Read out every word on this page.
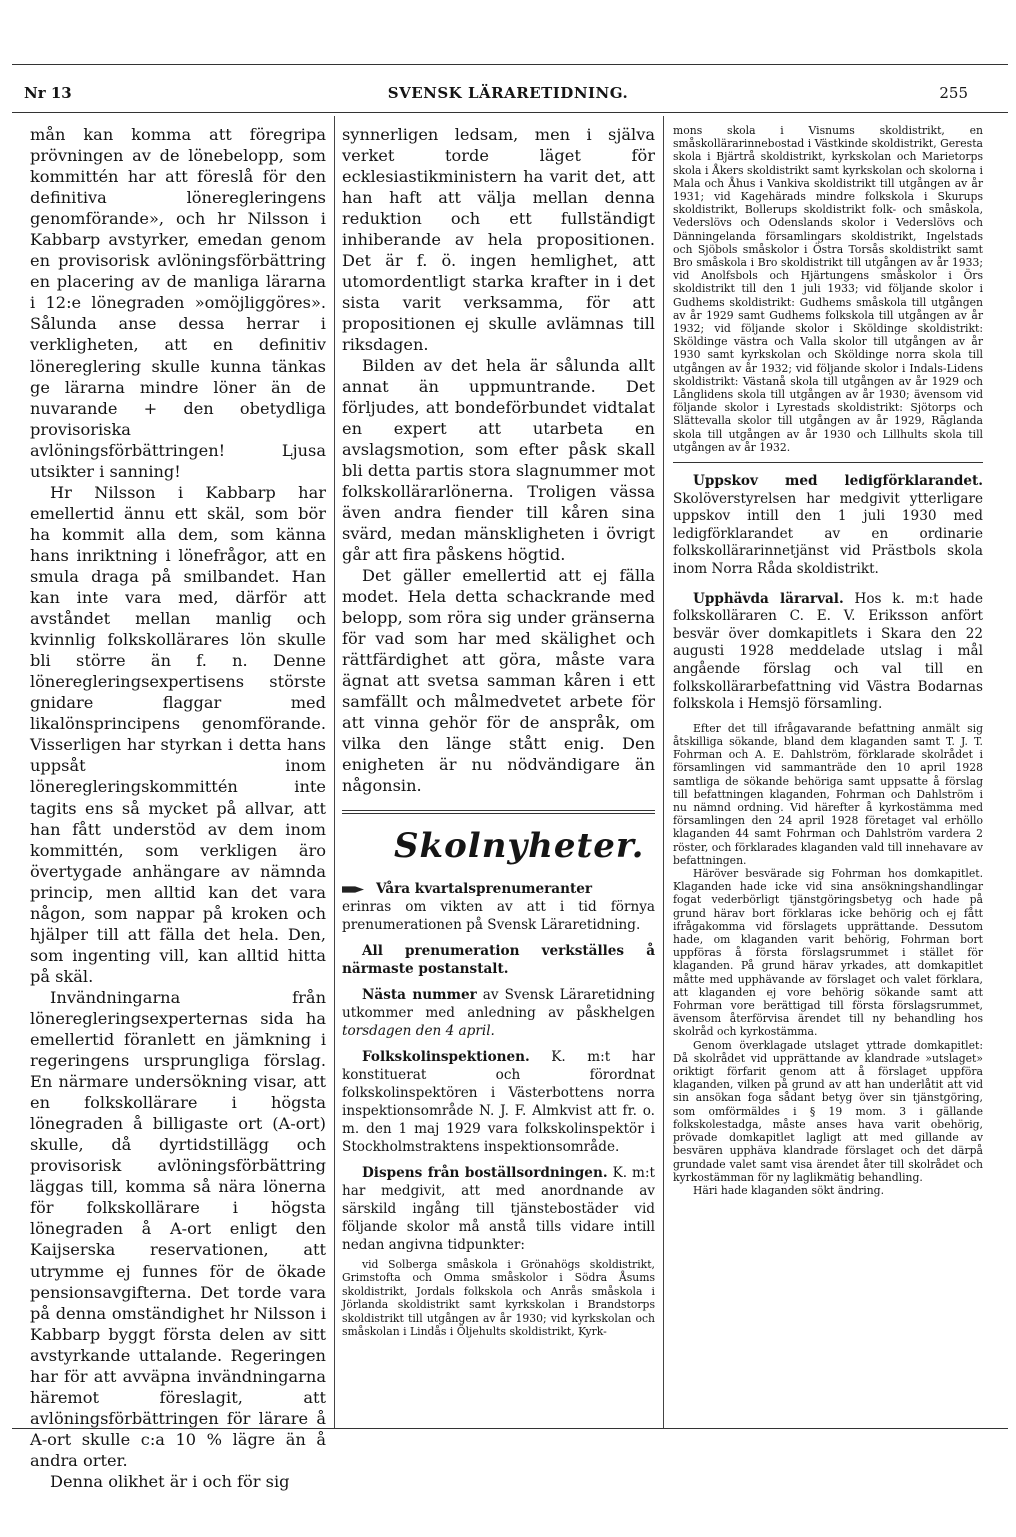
Nr 13	SVENSK LÄRARETIDNING.	255

mån kan komma att föregripa prövningen av de lönebelopp, som kommittén har att föreslå för den definitiva löneregleringens genomförande», och hr Nilsson i Kabbarp avstyrker, emedan genom en provisorisk avlöningsförbättring en placering av de manliga lärarna i 12:e lönegraden »omöjliggöres». Sålunda anse dessa herrar i verkligheten, att en definitiv lönereglering skulle kunna tänkas ge lärarna mindre löner än de nuvarande + den obetydliga provisoriska avlöningsförbättringen! Ljusa utsikter i sanning!

Hr Nilsson i Kabbarp har emellertid ännu ett skäl, som bör ha kommit alla dem, som känna hans inriktning i lönefrågor, att en smula draga på smilbandet. Han kan inte vara med, därför att avståndet mellan manlig och kvinnlig folkskollärares lön skulle bli större än f. n. Denne löneregleringsexpertisens störste gnidare flaggar med likalönsprincipens genomförande. Visserligen har styrkan i detta hans uppsåt inom löneregleringskommittén inte tagits ens så mycket på allvar, att han fått understöd av dem inom kommittén, som verkligen äro övertygade anhängare av nämnda princip, men alltid kan det vara någon, som nappar på kroken och hjälper till att fälla det hela. Den, som ingenting vill, kan alltid hitta på skäl.

Invändningarna från löneregleringsexperternas sida ha emellertid föranlett en jämkning i regeringens ursprungliga förslag. En närmare undersökning visar, att en folkskollärare i högsta lönegraden å billigaste ort (A-ort) skulle, då dyrtidstillägg och provisorisk avlöningsförbättring läggas till, komma så nära lönerna för folkskollärare i högsta lönegraden å A-ort enligt den Kaijserska reservationen, att utrymme ej funnes för de ökade pensionsavgifterna. Det torde vara på denna omständighet hr Nilsson i Kabbarp byggt första delen av sitt avstyrkande uttalande. Regeringen har för att avväpna invändningarna häremot föreslagit, att avlöningsförbättringen för lärare å A-ort skulle c:a 10 % lägre än å andra orter.

Denna olikhet är i och för sig

synnerligen ledsam, men i själva verket torde läget för ecklesiastikministern ha varit det, att han haft att välja mellan denna reduktion och ett fullständigt inhiberande av hela propositionen. Det är f. ö. ingen hemlighet, att utomordentligt starka krafter in i det sista varit verksamma, för att propositionen ej skulle avlämnas till riksdagen.

Bilden av det hela är sålunda allt annat än uppmuntrande. Det förljudes, att bondeförbundet vidtalat en expert att utarbeta en avslagsmotion, som efter påsk skall bli detta partis stora slagnummer mot folkskollärarlönerna. Troligen vässa även andra fiender till kåren sina svärd, medan mänskligheten i övrigt går att fira påskens högtid.

Det gäller emellertid att ej fälla modet. Hela detta schackrande med belopp, som röra sig under gränserna för vad som har med skälighet och rättfärdighet att göra, måste vara ägnat att svetsa samman kåren i ett samfällt och målmedvetet arbete för att vinna gehör för de anspråk, om vilka den länge stått enig. Den enigheten är nu nödvändigare än någonsin.

Skolnyheter.

Våra kvartalsprenumeranter

erinras om vikten av att i tid förnya prenumerationen på Svensk Läraretidning.

All prenumeration verkställes å närmaste postanstalt.

Nästa nummer av Svensk Läraretidning utkommer med anledning av påskhelgen torsdagen den 4 april.

Folkskolinspektionen. K. m:t har konstituerat och förordnat folkskolinspektören i Västerbottens norra inspektionsområde N. J. F. Almkvist att fr. o. m. den 1 maj 1929 vara folkskolinspektör i Stockholmstraktens inspektionsområde.

Dispens från boställsordningen. K. m:t har medgivit, att med anordnande av särskild ingång till tjänstebostäder vid följande skolor må anstå tills vidare intill nedan angivna tidpunkter:

vid Solberga småskola i Grönahögs skoldistrikt, Grimstofta och Omma småskolor i Södra Åsums skoldistrikt, Jordals folkskola och Anrås småskola i Jörlanda skoldistrikt samt kyrkskolan i Brandstorps skoldistrikt till utgången av år 1930; vid kyrkskolan och småskolan i Lindås i Öljehults skoldistrikt, Kyrk-

mons skola i Visnums skoldistrikt, en småskollärarinnebostad i Västkinde skoldistrikt, Geresta skola i Bjärtrå skoldistrikt, kyrkskolan och Marietorps skola i Åkers skoldistrikt samt kyrkskolan och skolorna i Mala och Åhus i Vankiva skoldistrikt till utgången av år 1931; vid Kagehärads mindre folkskola i Skurups skoldistrikt, Bollerups skoldistrikt folk- och småskola, Vederslövs och Odenslands skolor i Vederslövs och Dänningelanda församlingars skoldistrikt, Ingelstads och Sjöbols småskolor i Östra Torsås skoldistrikt samt Bro småskola i Bro skoldistrikt till utgången av år 1933; vid Anolfsbols och Hjärtungens småskolor i Örs skoldistrikt till den 1 juli 1933; vid följande skolor i Gudhems skoldistrikt: Gudhems småskola till utgången av år 1929 samt Gudhems folkskola till utgången av år 1932; vid följande skolor i Sköldinge skoldistrikt: Sköldinge västra och Valla skolor till utgången av år 1930 samt kyrkskolan och Sköldinge norra skola till utgången av år 1932; vid följande skolor i Indals-Lidens skoldistrikt: Västanå skola till utgången av år 1929 och Långlidens skola till utgången av år 1930; ävensom vid följande skolor i Lyrestads skoldistrikt: Sjötorps och Slättevalla skolor till utgången av år 1929, Rāglanda skola till utgången av år 1930 och Lillhults skola till utgången av år 1932.

Uppskov med ledigförklarandet. Skolöverstyrelsen har medgivit ytterligare uppskov intill den 1 juli 1930 med ledigförklarandet av en ordinarie folkskollärarinnetjänst vid Prästbols skola inom Norra Råda skoldistrikt.

Upphävda lärarval. Hos k. m:t hade folkskolläraren C. E. V. Eriksson anfört besvär över domkapitlets i Skara den 22 augusti 1928 meddelade utslag i mål angående förslag och val till en folkskollärarbefattning vid Västra Bodarnas folkskola i Hemsjö församling.

Efter det till ifrågavarande befattning anmält sig åtskilliga sökande, bland dem klaganden samt T. J. T. Fohrman och A. E. Dahlström, förklarade skolrådet i församlingen vid sammanträde den 10 april 1928 samtliga de sökande behöriga samt uppsatte å förslag till befattningen klaganden, Fohrman och Dahlström i nu nämnd ordning. Vid härefter å kyrkostämma med församlingen den 24 april 1928 företaget val erhöllo klaganden 44 samt Fohrman och Dahlström vardera 2 röster, och förklarades klaganden vald till innehavare av befattningen.

Häröver besvärade sig Fohrman hos domkapitlet. Klaganden hade icke vid sina ansökningshandlingar fogat vederbörligt tjänstgöringsbetyg och hade på grund härav bort förklaras icke behörig och ej fått ifrågakomma vid förslagets upprättande. Dessutom hade, om klaganden varit behörig, Fohrman bort uppföras å första förslagsrummet i stället för klaganden. På grund härav yrkades, att domkapitlet måtte med upphävande av förslaget och valet förklara, att klaganden ej vore behörig sökande samt att Fohrman vore berättigad till första förslagsrummet, ävensom återförvisa ärendet till ny behandling hos skolråd och kyrkostämma.

Genom överklagade utslaget yttrade domkapitlet: Då skolrådet vid upprättande av klandrade »utslaget» oriktigt förfarit genom att å förslaget uppföra klaganden, vilken på grund av att han underlåtit att vid sin ansökan foga sådant betyg över sin tjänstgöring, som omförmäldes i § 19 mom. 3 i gällande folkskolestadga, måste anses hava varit obehörig, prövade domkapitlet lagligt att med gillande av besvären upphäva klandrade förslaget och det därpå grundade valet samt visa ärendet åter till skolrådet och kyrkostämman för ny laglikmätig behandling.

Häri hade klaganden sökt ändring.
